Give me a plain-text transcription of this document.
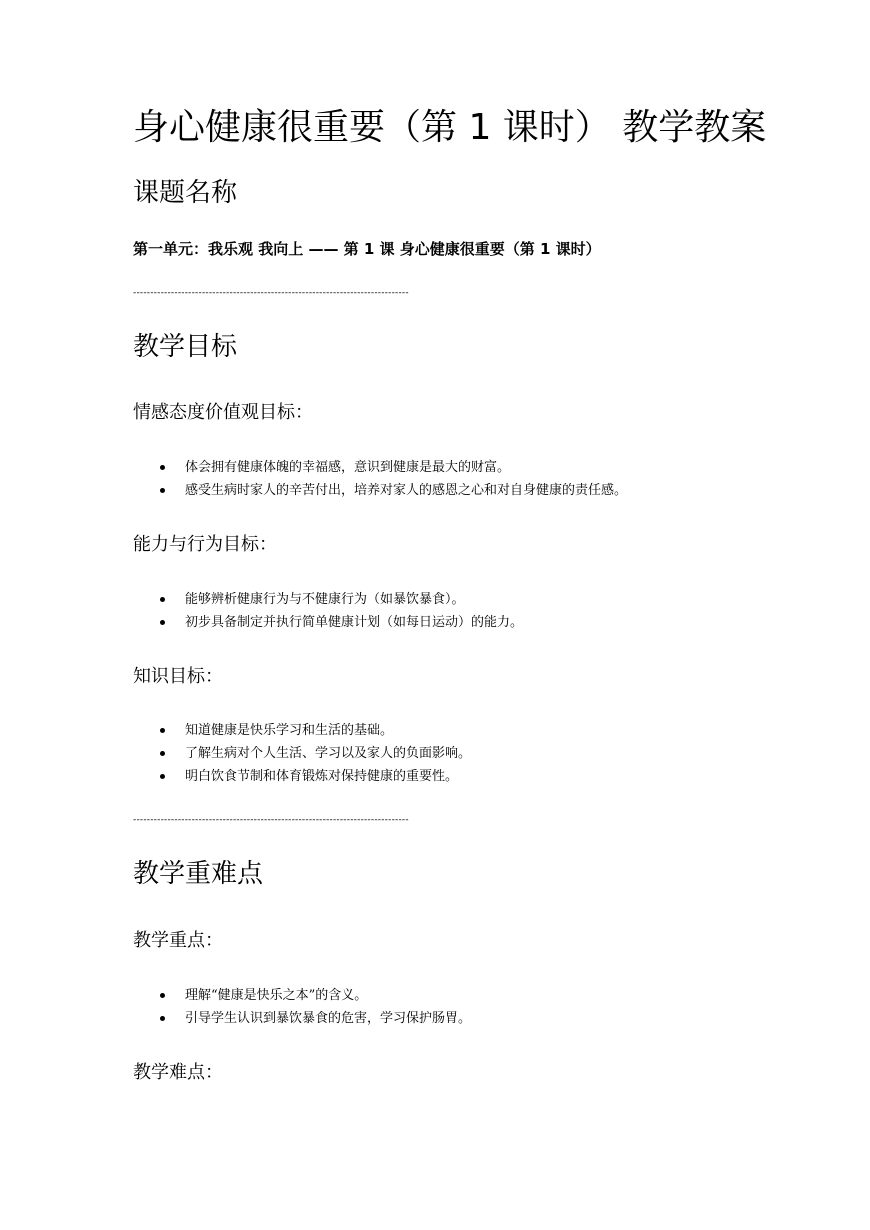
身心健康很重要（第 1 课时） 教学教案
课题名称

第一单元：我乐观 我向上 —— 第 1 课 身心健康很重要（第 1 课时）

--------------------------------------------------------------------------------

教学目标
情感态度价值观目标：
体会拥有健康体魄的幸福感，意识到健康是最大的财富。
感受生病时家人的辛苦付出，培养对家人的感恩之心和对自身健康的责任感。
能力与行为目标：
能够辨析健康行为与不健康行为（如暴饮暴食）。
初步具备制定并执行简单健康计划（如每日运动）的能力。
知识目标：
知道健康是快乐学习和生活的基础。
了解生病对个人生活、学习以及家人的负面影响。
明白饮食节制和体育锻炼对保持健康的重要性。

--------------------------------------------------------------------------------

教学重难点
教学重点：
理解“健康是快乐之本”的含义。
引导学生认识到暴饮暴食的危害，学习保护肠胃。
教学难点：
